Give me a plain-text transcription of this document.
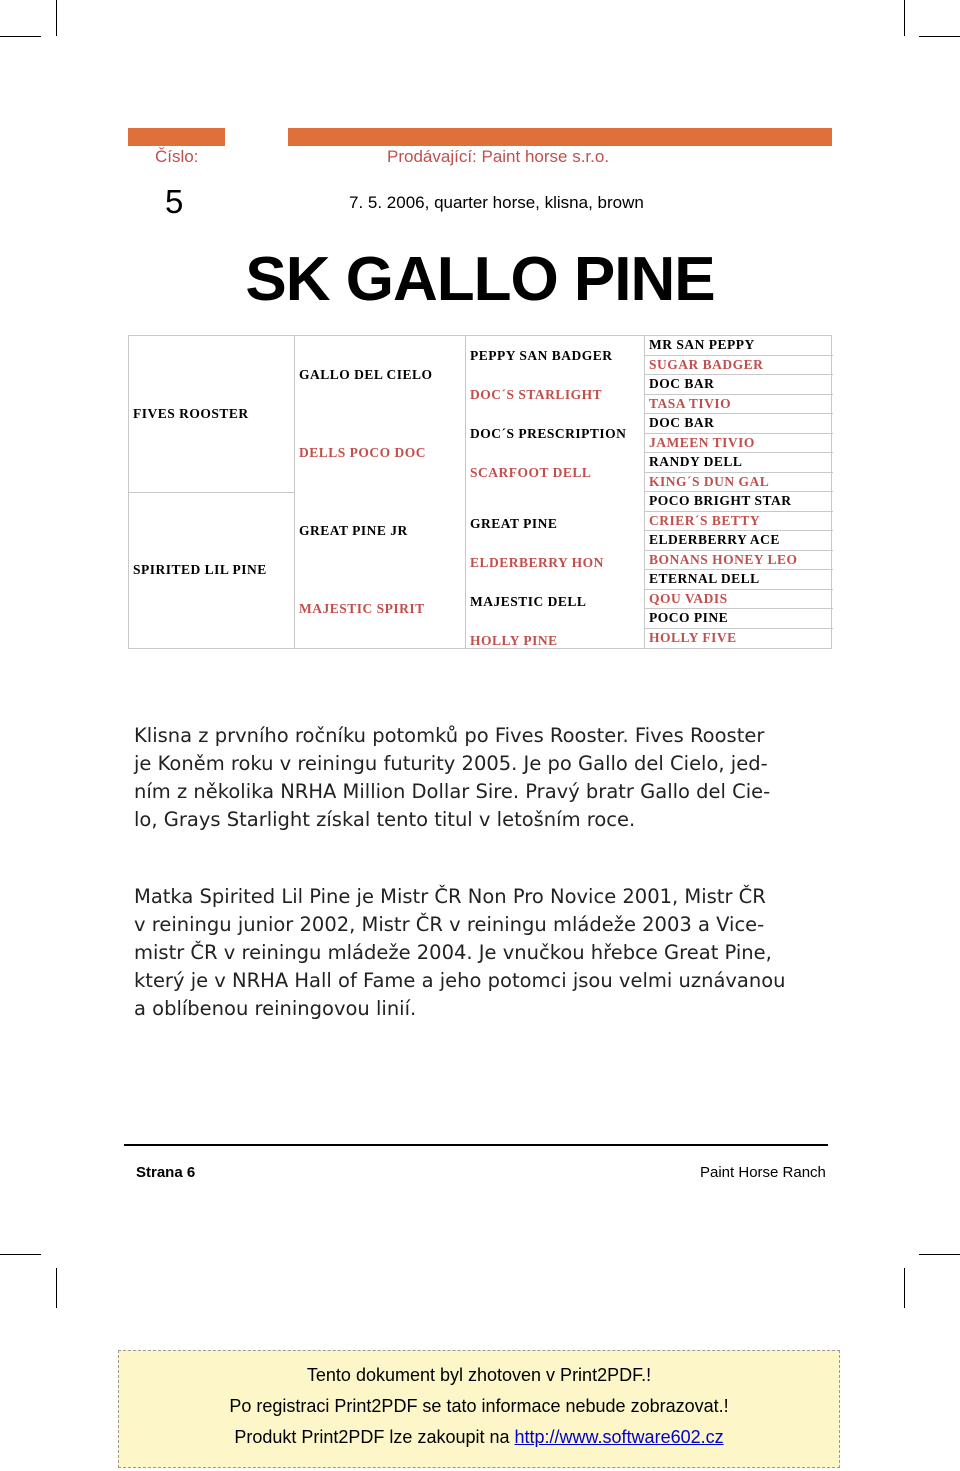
Číslo:
5
Prodávající: Paint horse s.r.o.
7. 5. 2006, quarter horse, klisna, brown
SK GALLO PINE
FIVES ROOSTER
SPIRITED LIL PINE
GALLO DEL CIELO
DELLS POCO DOC
GREAT PINE JR
MAJESTIC SPIRIT
PEPPY SAN BADGER
DOC´S STARLIGHT
DOC´S PRESCRIPTION
SCARFOOT DELL
GREAT PINE
ELDERBERRY HON
MAJESTIC DELL
HOLLY PINE
MR SAN PEPPY
SUGAR BADGER
DOC BAR
TASA TIVIO
DOC BAR
JAMEEN TIVIO
RANDY DELL
KING´S DUN GAL
POCO BRIGHT STAR
CRIER´S BETTY
ELDERBERRY ACE
BONANS HONEY LEO
ETERNAL DELL
QOU VADIS
POCO PINE
HOLLY FIVE
Klisna z prvního ročníku potomků po Fives Rooster. Fives Rooster
je Koněm roku v reiningu futurity 2005. Je po Gallo del Cielo, jed-
ním z několika NRHA Million Dollar Sire. Pravý bratr Gallo del Cie-
lo, Grays Starlight získal tento titul v letošním roce.
Matka Spirited Lil Pine je Mistr ČR Non Pro Novice 2001, Mistr ČR
v reiningu junior 2002, Mistr ČR v reiningu mládeže 2003 a Vice-
mistr ČR v reiningu mládeže 2004. Je vnučkou hřebce Great Pine,
který je v NRHA Hall of Fame a jeho potomci jsou velmi uznávanou
a oblíbenou reiningovou linií.
Strana 6	Paint Horse Ranch
Tento dokument byl zhotoven v Print2PDF.!
Po registraci Print2PDF se tato informace nebude zobrazovat.!
Produkt Print2PDF lze zakoupit na http://www.software602.cz
